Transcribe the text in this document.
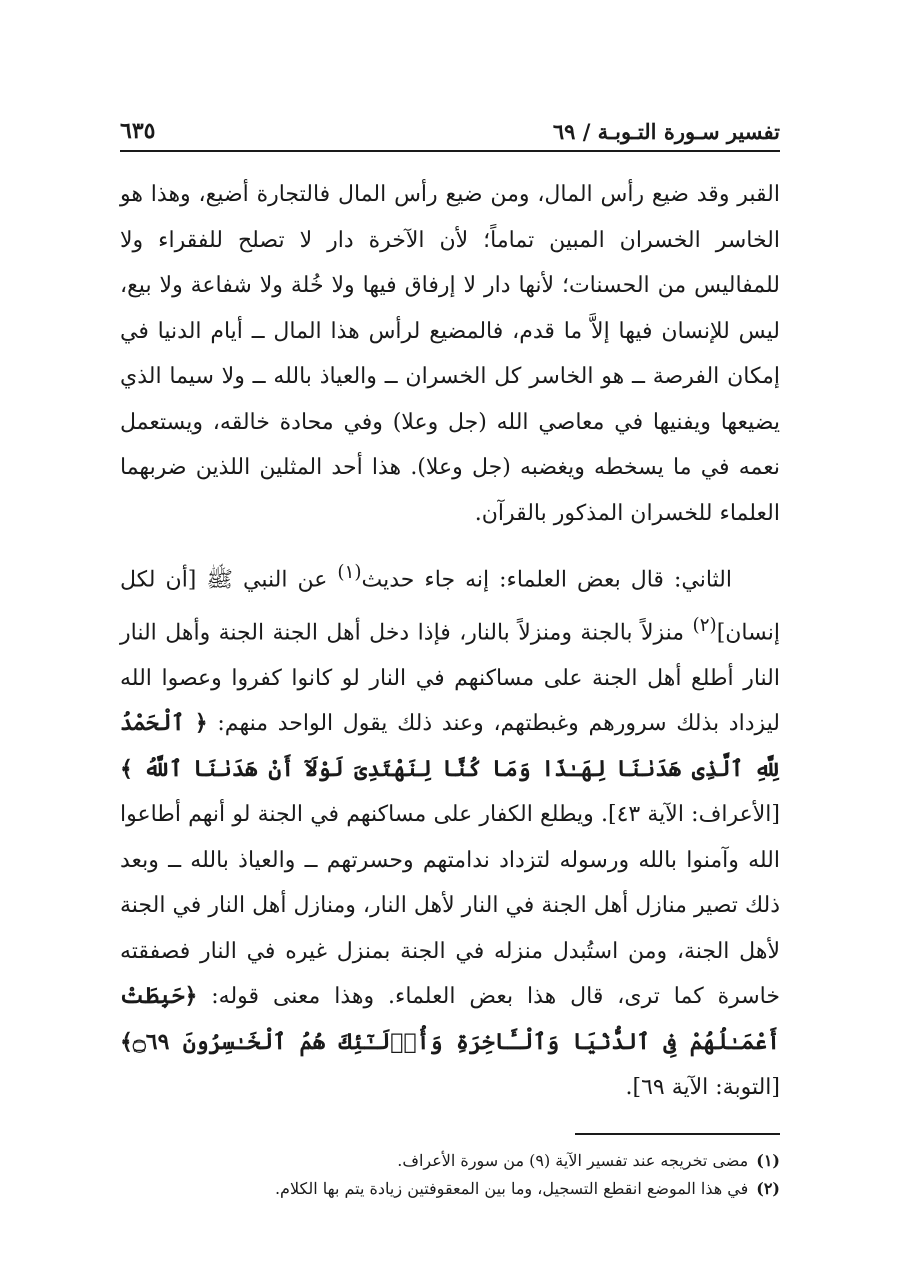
تفسير سـورة التـوبـة / ٦٩
٦٣٥

القبر وقد ضيع رأس المال، ومن ضيع رأس المال فالتجارة أضيع، وهذا هو الخاسر الخسران المبين تماماً؛ لأن الآخرة دار لا تصلح للفقراء ولا للمفاليس من الحسنات؛ لأنها دار لا إرفاق فيها ولا خُلة ولا شفاعة ولا بيع، ليس للإنسان فيها إلاَّ ما قدم، فالمضيع لرأس هذا المال ــ أيام الدنيا في إمكان الفرصة ــ هو الخاسر كل الخسران ــ والعياذ بالله ــ ولا سيما الذي يضيعها ويفنيها في معاصي الله (جل وعلا) وفي محادة خالقه، ويستعمل نعمه في ما يسخطه ويغضبه (جل وعلا). هذا أحد المثلين اللذين ضربهما العلماء للخسران المذكور بالقرآن.

الثاني: قال بعض العلماء: إنه جاء حديث$^{(١)}$ عن النبي ﷺ [أن لكل إنسان]$^{(٢)}$ منزلاً بالجنة ومنزلاً بالنار، فإذا دخل أهل الجنة الجنة وأهل النار النار أطلع أهل الجنة على مساكنهم في النار لو كانوا كفروا وعصوا الله ليزداد بذلك سرورهم وغبطتهم، وعند ذلك يقول الواحد منهم: ﴿ ٱلْحَمْدُ لِلَّهِ ٱلَّذِى هَدَىٰنَا لِهَـٰذَا وَمَا كُنَّا لِنَهْتَدِىَ لَوْلَآ أَنْ هَدَىٰنَا ٱللَّهُ ﴾ [الأعراف: الآية ٤٣]. ويطلع الكفار على مساكنهم في الجنة لو أنهم أطاعوا الله وآمنوا بالله ورسوله لتزداد ندامتهم وحسرتهم ــ والعياذ بالله ــ وبعد ذلك تصير منازل أهل الجنة في النار لأهل النار، ومنازل أهل النار في الجنة لأهل الجنة، ومن استُبدل منزله في الجنة بمنزل غيره في النار فصفقته خاسرة كما ترى، قال هذا بعض العلماء. وهذا معنى قوله: ﴿حَبِطَتْ أَعْمَـٰلُهُمْ فِى ٱلدُّنْيَا وَٱلْـَٔاخِرَةِ وَأُو۟لَـٰٓئِكَ هُمُ ٱلْخَـٰسِرُونَ ۝٦٩﴾ [التوبة: الآية ٦٩].

(١)مضى تخريجه عند تفسير الآية (٩) من سورة الأعراف.
(٢)في هذا الموضع انقطع التسجيل، وما بين المعقوفتين زيادة يتم بها الكلام.
